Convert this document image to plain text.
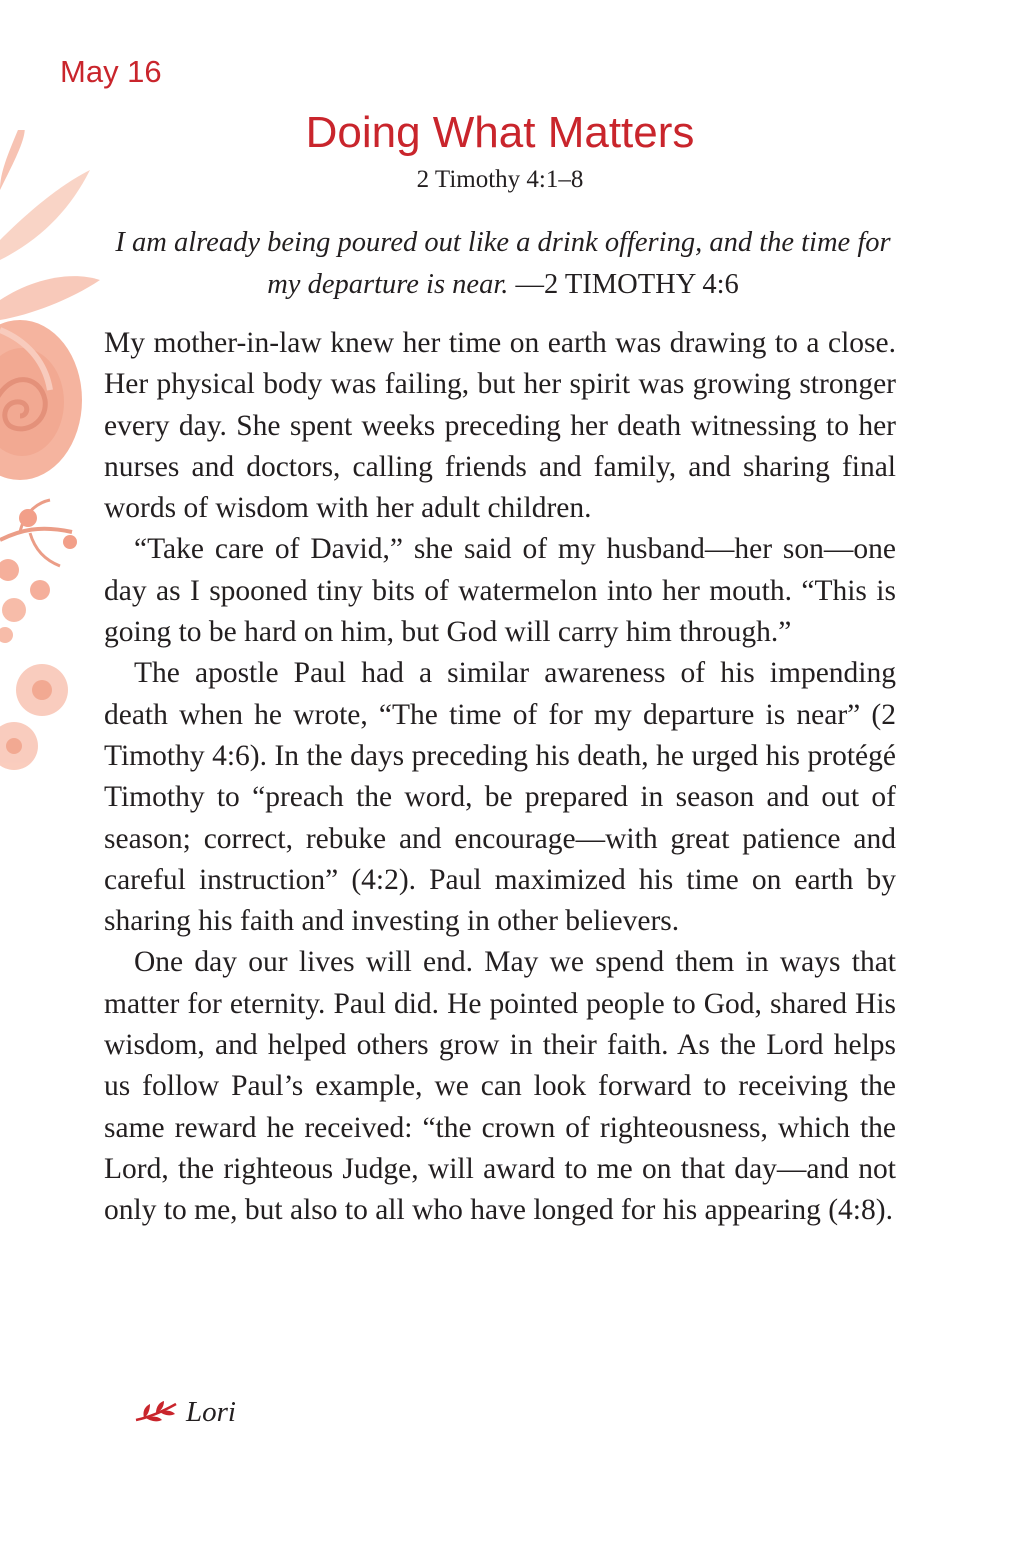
May 16
Doing What Matters
2 Timothy 4:1–8
I am already being poured out like a drink offering, and the time for my departure is near. —2 TIMOTHY 4:6

My mother-in-law knew her time on earth was drawing to a close. Her physical body was failing, but her spirit was growing stronger every day. She spent weeks preceding her death witnessing to her nurses and doctors, calling friends and family, and sharing final words of wisdom with her adult children.

“Take care of David,” she said of my husband—her son—one day as I spooned tiny bits of watermelon into her mouth. “This is going to be hard on him, but God will carry him through.”

The apostle Paul had a similar awareness of his impending death when he wrote, “The time of for my departure is near” (2 Timothy 4:6). In the days preceding his death, he urged his protégé Timothy to “preach the word, be prepared in season and out of season; correct, rebuke and encourage—with great patience and careful instruction” (4:2). Paul maximized his time on earth by sharing his faith and investing in other believers.

One day our lives will end. May we spend them in ways that matter for eternity. Paul did. He pointed people to God, shared His wisdom, and helped others grow in their faith. As the Lord helps us follow Paul’s example, we can look forward to receiving the same reward he received: “the crown of righteousness, which the Lord, the righteous Judge, will award to me on that day—and not only to me, but also to all who have longed for his appearing (4:8).

Lori
